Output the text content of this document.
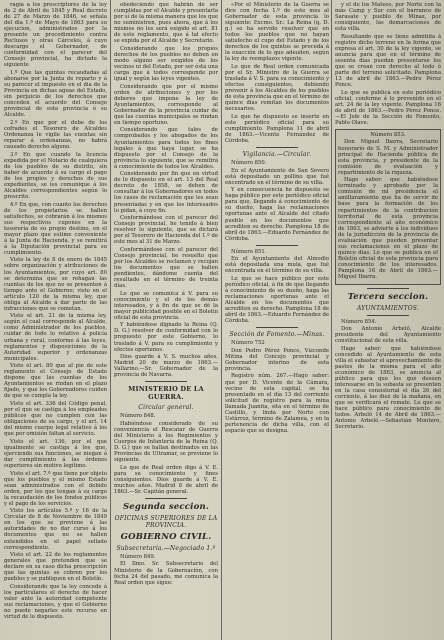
ragia a los prescriptores de la ley de 2 de Abril de 1845 y Real decreto de 27 de Marzo de 1846, se señala del dia 1.º de Mayo de 1863 para su ejecucion, administrados por la presente un procedimiento contra Reclusos y otras Cárceles, á cuyo descargo el Gobernador, de conformidad con el parecer del Consejo provincial, ha dictado la siguiente

1.º Que las quintas recaudadas al abonarse por la Junta de reparto y á su parecer el impuesto en el dia de la Provincia en dichas aguas del Estado, sin perjuicio de los derechos que conceden el acuerdo del Consejo provincial de esta provincia ó su Alcalde.

2.º En que por el debe de los cofrades el Tesorero de Alcaldes Ordenanza le vigile las cuentas sin reparar á ordenanzas, no habrá causado derecho alguno.

3.º En que cuando la licencia expedida por el Notario de cualquiera de los pueblos de su distrito, sin haber de acuerdo á su cargo el pago de los propios y derechos de sus expedientes, se les comunique á los Alcaldes correspondientes según lo prescrito.

4.º En que, con cuanto los derechos de los propietarios se hallen satisfechos, se cobrarán á los mismos sus respectivos cupones en la tesorería de su propio destino, en el mayor plazo que estime conveniente á la Junta de Hacienda, y se remitirá á la Diputación provincial para su cumplimiento.

Visto la ley de 8 de enero de 1845 sobre organización y atribuciones de los Ayuntamientos, por cuyo art. 80 se determina que se rehagan las cuentas de los que no se presenten á tiempo ante el Gobierno; visto en el artículo 120 de la misma ley, que obliga al Alcalde á dar parte de las infracciones que se cometan.

Visto el art. 21 de la misma ley, según el cual corresponde al Alcalde, como Administrador de los pueblos, cuidar de todo lo relativo á policía urbana y rural, conforme á las leyes, reglamentos y disposiciones de la Autoridad superior y ordenanzas municipales.

Visto el art. 80 que al pie de este reglamento el Consejo de Estado dispone que las cuentas de los Ayuntamientos se rindan en el plazo fijado, y que los Gobernadores cuiden de que se cumpla la ley.

Visto el art. 336 del Código penal, por el que se castiga á los empleados públicos que no cumplen con las obligaciones de su cargo, y el art. 14 del mismo cuerpo legal relativo á los que por omisión faltan al servicio.

Visto el art. 136, por el que igualmente se castiga á los que, ejerciendo sus funciones, se niegan á dar cumplimiento á las órdenes superiores sin motivo legítimo.

Visto el art. 7.º que tiene por objeto que los pueblos y el mismo Estado sean administrados con el debido orden, por los que tengan á su cargo la recaudación de los fondos públicos y el pago de los servicios.

Visto los artículos 5.º y 16 de la Circular de 8 de Noviembre de 1849 en los que se previene á las autoridades de no dar curso á los documentos que no se hallen extendidos en el papel sellado correspondiente.

Visto el art. 22 de los reglamentos generales que pretenden que se declare en su caso dicha prescripción que las quintas se cobren por los pueblos y se publiquen en el Boletín.

Considerando que la ley concede á los particulares el derecho de hacer valer ante la autoridad competente sus reclamaciones, y que el Gobierno no puede negarles este recurso en virtud de lo dispuesto.

obedeciendo que habrán de ser cumplidas por el Alcalde y presentarla por sí de la misma manera que los que no suministren, pues ahora, que á los mismos no les será exigido el art. 81 de este reglamento, que á tal efecto se expida por el Alcalde y Secretario.

Considerando que los propios derechos de los pueblos no deben en modo alguno ser exigidos de los vecinos ni del Estado, por ser ésta una carga que á todos corresponde por igual y según las leyes vigentes.

Considerando que por el mismo orden de atribuciones y por los deberes que impone la ley de Ayuntamientos, corresponde al Gobernador de la provincia cuidar de que las cuentas municipales se rindan en tiempo oportuno.

Considerando que tales de comprobados y los abogados de los Ayuntamientos para todos los fines legales á que haya lugar, se ha dispuesto por el Consejo de la provincia lo siguiente, que se remitirá á conocimiento de todos los Alcaldes.

Considerando por fin que en virtud de lo dispuesto en el art. 13 del Real decreto de 1858, se deben de consultar á los Gobernadores en todos los casos de reclamación que les sean presentadas y en que los interesados lo pidan, á cuyo fin.

Conformándose con el parecer del Consejo provincial, he tenido á bien resolver lo siguiente, que se dictará por el Tesorero de Hacienda del 1.º de este mes al 31 de Marzo.

Conformándose con el parecer del Consejo provincial, he resuelto que por los Alcaldes se reclamen y recojan los documentos que se hallen pendientes, dándome cuenta del resultado en el término de treinta días.

Lo que se comunica á V. para su conocimiento y el de los demás interesados, y á fin de que se dé la mayor publicidad posible en el Boletín oficial de esta provincia.

Y habiéndose dignado la Reina (Q. D. G.) resolver de conformidad con lo propuesto por este Gobierno, lo traslado á V. para su cumplimiento y efectos oportunos.

Dios guarde á V. S. muchos años. Madrid 20 de marzo de 1863.—Vallarino.—Sr. Gobernador de la provincia de Navarra.

MINISTERIO DE LA GUERRA.

Circular general.

Número 848.

Habiéndose considerado de su conveniencia el Rescatar de Guerra del Ministerio á los Regimientos y Cuerpos de Infantería de la Reina (Q. D. G.) que se hallan destinados en las Provincias de Ultramar, se previene lo siguiente.

Lo que de Real orden digo á V. E. para su conocimiento y fines consiguientes. Dios guarde á V. E. muchos años. Madrid 8 de abril de 1863.—Sr. Capitán general.

Segunda seccion.

OFICINAS SUPERIORES DE LA PROVINCIA.

GOBIERNO CIVIL.

Subsecretaría.—Negociado 1.º

Número 849.

El Ilmo. Sr. Subsecretario del Ministerio de la Gobernación, con fecha 24 del pasado, me comunica la Real orden que sigue:

«Por el Ministerio de la Guerra se dice con fecha 1.º de este mes al Gobernador de esta provincia lo siguiente: Excmo. Sr.: La Reina (q. D. g.) se ha servido resolver que en todos los pueblos que no hayan satisfecho el cupo del Estado y de los derechos de los quintos se proceda á la exacción de lo que adeuden, según la ley de reemplazos vigente.

Lo que de Real orden comunicada por el Sr. Ministro de la Guerra se traslada á V. S. para su conocimiento y efectos consiguientes, debiendo prevenir á los Alcaldes de los pueblos de esta provincia que en el término de quince días remitan los documentos necesarios.

Lo que he dispuesto se inserte en este periódico oficial para su cumplimiento. Pamplona 11 de abril de 1863.—Vicente Fernández de Córdoba.

Vigilancia.—Circular.

Número 850.

En el Ayuntamiento de San Severo está depositado un pollino que fué encontrado en el término de su villa.

Y en consecuencia he dispuesto se haga público por este periódico oficial para que, llegando á conocimiento de su dueño, haga las reclamaciones oportunas ante el Alcalde del citado pueblo en los documentos que acrediten su derecho. Pamplona 18 de abril de 1863.—Eduardo Fernández de Córdoba.

Número 851.

En el Ayuntamiento del Almodio está depositada una mula, que fué encontrada en el término de su villa.

Lo que se hace público por este periódico oficial, á fin de que llegando á conocimiento de su dueño, haga las reclamaciones oportunas ante el Alcalde en los documentos que acrediten su derecho. Pamplona 18 de abril de 1863.—Eduardo Fernández de Córdoba.

Sección de Fomento.—Minas.

Número 752

Don Pedro Pérez Ponce, Vizconde Mitina del Concejo provincial y Gobernador interino de esta provincia.

Registro núm. 267.—Hago saber: que por D. Vicente de la Cámara, vecino de esta capital, se ha presentado en el día 13 del corriente solicitud de registro para la mina llamada Juanita, sita en el término de Castillo, y linda por Norte con Ustárroz, término de Zalamea, y en la pertenencia de dicha villa, con el espacio que se designa.

y el de los Mateos, por Norte con la más Camp y Sur con el barranco de Sarasate y pueblo de Minaz, por consiguiente, las demarcaciones de esta villa.

Resultando que se tiene admitida á registro dicho terreno en la forma que expresa el art. 30 de la ley vigente, se anuncia para que en el término de sesenta días puedan presentarse los que se crean con derecho al todo ó parte del terreno solicitado. Pamplona 13 de abril de 1863.—Pedro Pérez Ponce.

Lo que se publica en este periódico oficial, conforme á lo prevenido en el art. 24 de la ley vigente. Pamplona 16 de abril de 1863.—Pedro Pérez Ponce.—El Jefe de la Sección de Fomento, Pablo Olave.

Número 853.

Don Miguel Ibarra, Secretario honorario de S. M. y Administrador principal de Hacienda pública de esta provincia, y presidente de la comisión de evaluación y repartimiento de la riqueza.

Hago saber: que habiéndose terminado y aprobado por la comisión de mi presidencia el amillaramiento que ha de servir de base para la formación de los repartimientos de la contribución territorial de esta provincia correspondiente al año económico de 1863, se advierte á los individuos de la jurisdicción de la provincia de evaluación que pueden presentar sus reclamaciones en el plazo de quince días. Lo que se publica en el Boletín oficial de esta provincia para conocimiento de los interesados. Pamplona 16 de Abril de 1863.—Miguel Ibarra.

Tercera seccion.

AYUNTAMIENTOS.

Número 854.

Don Antonio Arbeló, Alcalde presidente del Ayuntamiento constitucional de esta villa.

Hago saber: que habiéndose concedido al Ayuntamiento de esta villa el subastar el aprovechamiento de pastos de la misma para el año económico de 1863, se anuncia al público para que los que deseen interesarse en la subasta se presenten en la casa consistorial el día 26 del corriente, á las diez de la mañana, en que se verificará el remate. Lo que se hace público para conocimiento de todos. Arbeló 14 de Abril de 1863.—Antonio Arbeló.—Sebastián Montero, Secretario.
